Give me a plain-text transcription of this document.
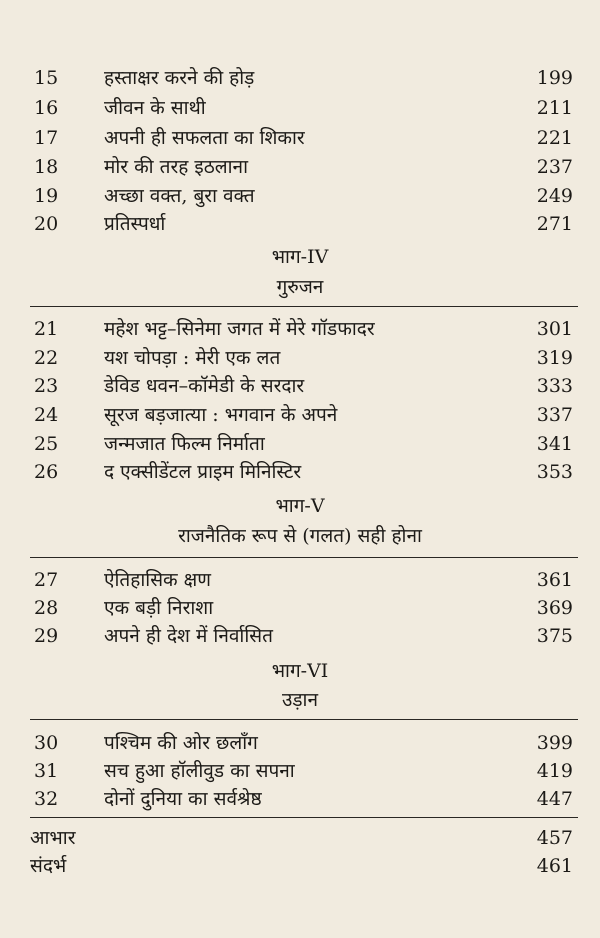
15 हस्ताक्षर करने की होड़	199
16 जीवन के साथी	211
17 अपनी ही सफलता का शिकार	221
18 मोर की तरह इठलाना	237
19 अच्छा वक्त, बुरा वक्त	249
20 प्रतिस्पर्धा	271
भाग-IV
गुरुजन
21 महेश भट्ट–सिनेमा जगत में मेरे गॉडफादर	301
22 यश चोपड़ा : मेरी एक लत	319
23 डेविड धवन–कॉमेडी के सरदार	333
24 सूरज बड़जात्या : भगवान के अपने	337
25 जन्मजात फिल्म निर्माता	341
26 द एक्सीडेंटल प्राइम मिनिस्टिर	353
भाग-V
राजनैतिक रूप से (गलत) सही होना
27 ऐतिहासिक क्षण	361
28 एक बड़ी निराशा	369
29 अपने ही देश में निर्वासित	375
भाग-VI
उड़ान
30 पश्चिम की ओर छलाँग	399
31 सच हुआ हॉलीवुड का सपना	419
32 दोनों दुनिया का सर्वश्रेष्ठ	447
आभार	457
संदर्भ	461
